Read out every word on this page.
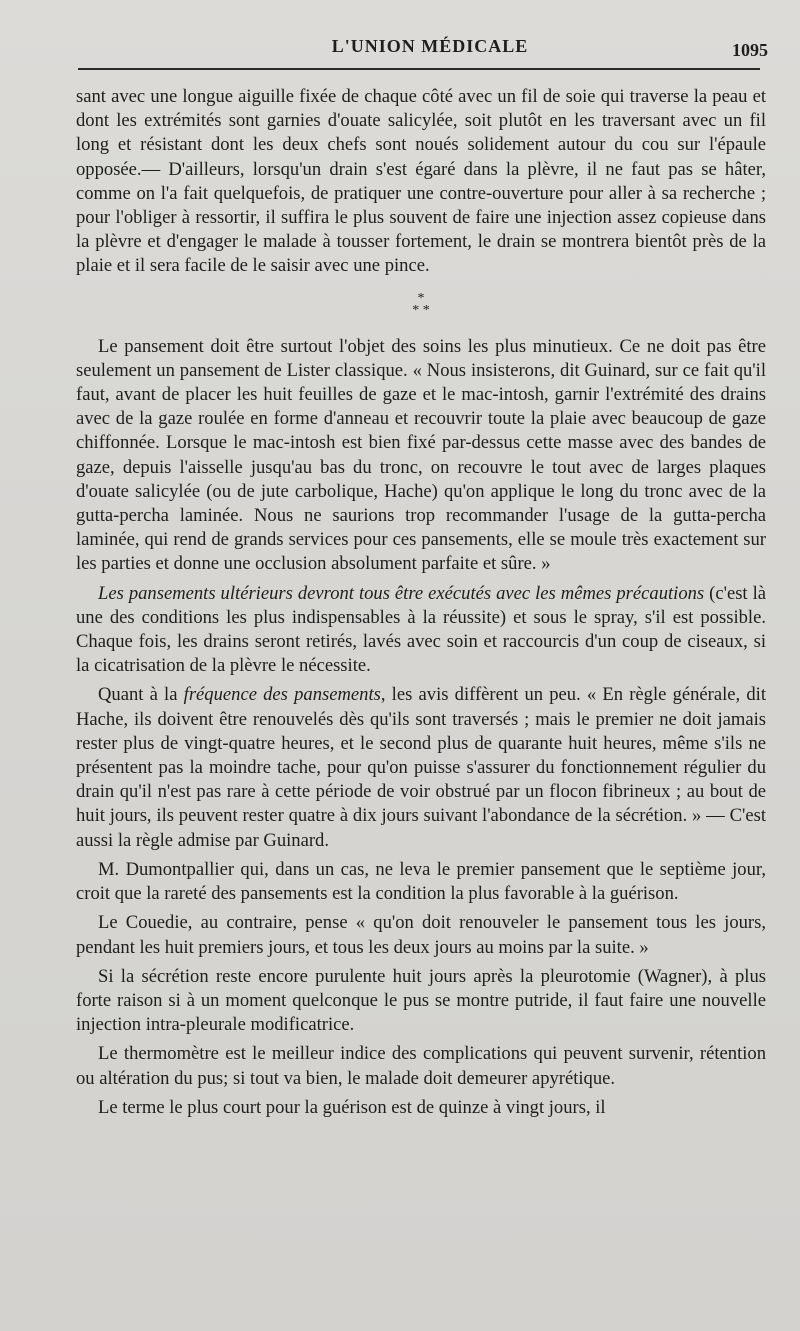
L'UNION MÉDICALE	1095

sant avec une longue aiguille fixée de chaque côté avec un fil de soie qui traverse la peau et dont les extrémités sont garnies d'ouate salicylée, soit plutôt en les traversant avec un fil long et résistant dont les deux chefs sont noués solidement autour du cou sur l'épaule opposée.— D'ailleurs, lorsqu'un drain s'est égaré dans la plèvre, il ne faut pas se hâter, comme on l'a fait quelquefois, de pratiquer une contre-ouverture pour aller à sa recherche ; pour l'obliger à ressortir, il suffira le plus souvent de faire une injection assez copieuse dans la plèvre et d'engager le malade à tousser fortement, le drain se montrera bientôt près de la plaie et il sera facile de le saisir avec une pince.

*
* *

Le pansement doit être surtout l'objet des soins les plus minutieux. Ce ne doit pas être seulement un pansement de Lister classique. « Nous insisterons, dit Guinard, sur ce fait qu'il faut, avant de placer les huit feuilles de gaze et le mac-intosh, garnir l'extrémité des drains avec de la gaze roulée en forme d'anneau et recouvrir toute la plaie avec beaucoup de gaze chiffonnée. Lorsque le mac-intosh est bien fixé par-dessus cette masse avec des bandes de gaze, depuis l'aisselle jusqu'au bas du tronc, on recouvre le tout avec de larges plaques d'ouate salicylée (ou de jute carbolique, Hache) qu'on applique le long du tronc avec de la gutta-percha laminée. Nous ne saurions trop recommander l'usage de la gutta-percha laminée, qui rend de grands services pour ces pansements, elle se moule très exactement sur les parties et donne une occlusion absolument parfaite et sûre. »

Les pansements ultérieurs devront tous être exécutés avec les mêmes précautions (c'est là une des conditions les plus indispensables à la réussite) et sous le spray, s'il est possible. Chaque fois, les drains seront retirés, lavés avec soin et raccourcis d'un coup de ciseaux, si la cicatrisation de la plèvre le nécessite.

Quant à la fréquence des pansements, les avis diffèrent un peu. « En règle générale, dit Hache, ils doivent être renouvelés dès qu'ils sont traversés ; mais le premier ne doit jamais rester plus de vingt-quatre heures, et le second plus de quarante huit heures, même s'ils ne présentent pas la moindre tache, pour qu'on puisse s'assurer du fonctionnement régulier du drain qu'il n'est pas rare à cette période de voir obstrué par un flocon fibrineux ; au bout de huit jours, ils peuvent rester quatre à dix jours suivant l'abondance de la sécrétion. » — C'est aussi la règle admise par Guinard.

M. Dumontpallier qui, dans un cas, ne leva le premier pansement que le septième jour, croit que la rareté des pansements est la condition la plus favorable à la guérison.

Le Couedie, au contraire, pense « qu'on doit renouveler le pansement tous les jours, pendant les huit premiers jours, et tous les deux jours au moins par la suite. »

Si la sécrétion reste encore purulente huit jours après la pleurotomie (Wagner), à plus forte raison si à un moment quelconque le pus se montre putride, il faut faire une nouvelle injection intra-pleurale modificatrice.

Le thermomètre est le meilleur indice des complications qui peuvent survenir, rétention ou altération du pus; si tout va bien, le malade doit demeurer apyrétique.

Le terme le plus court pour la guérison est de quinze à vingt jours, il
